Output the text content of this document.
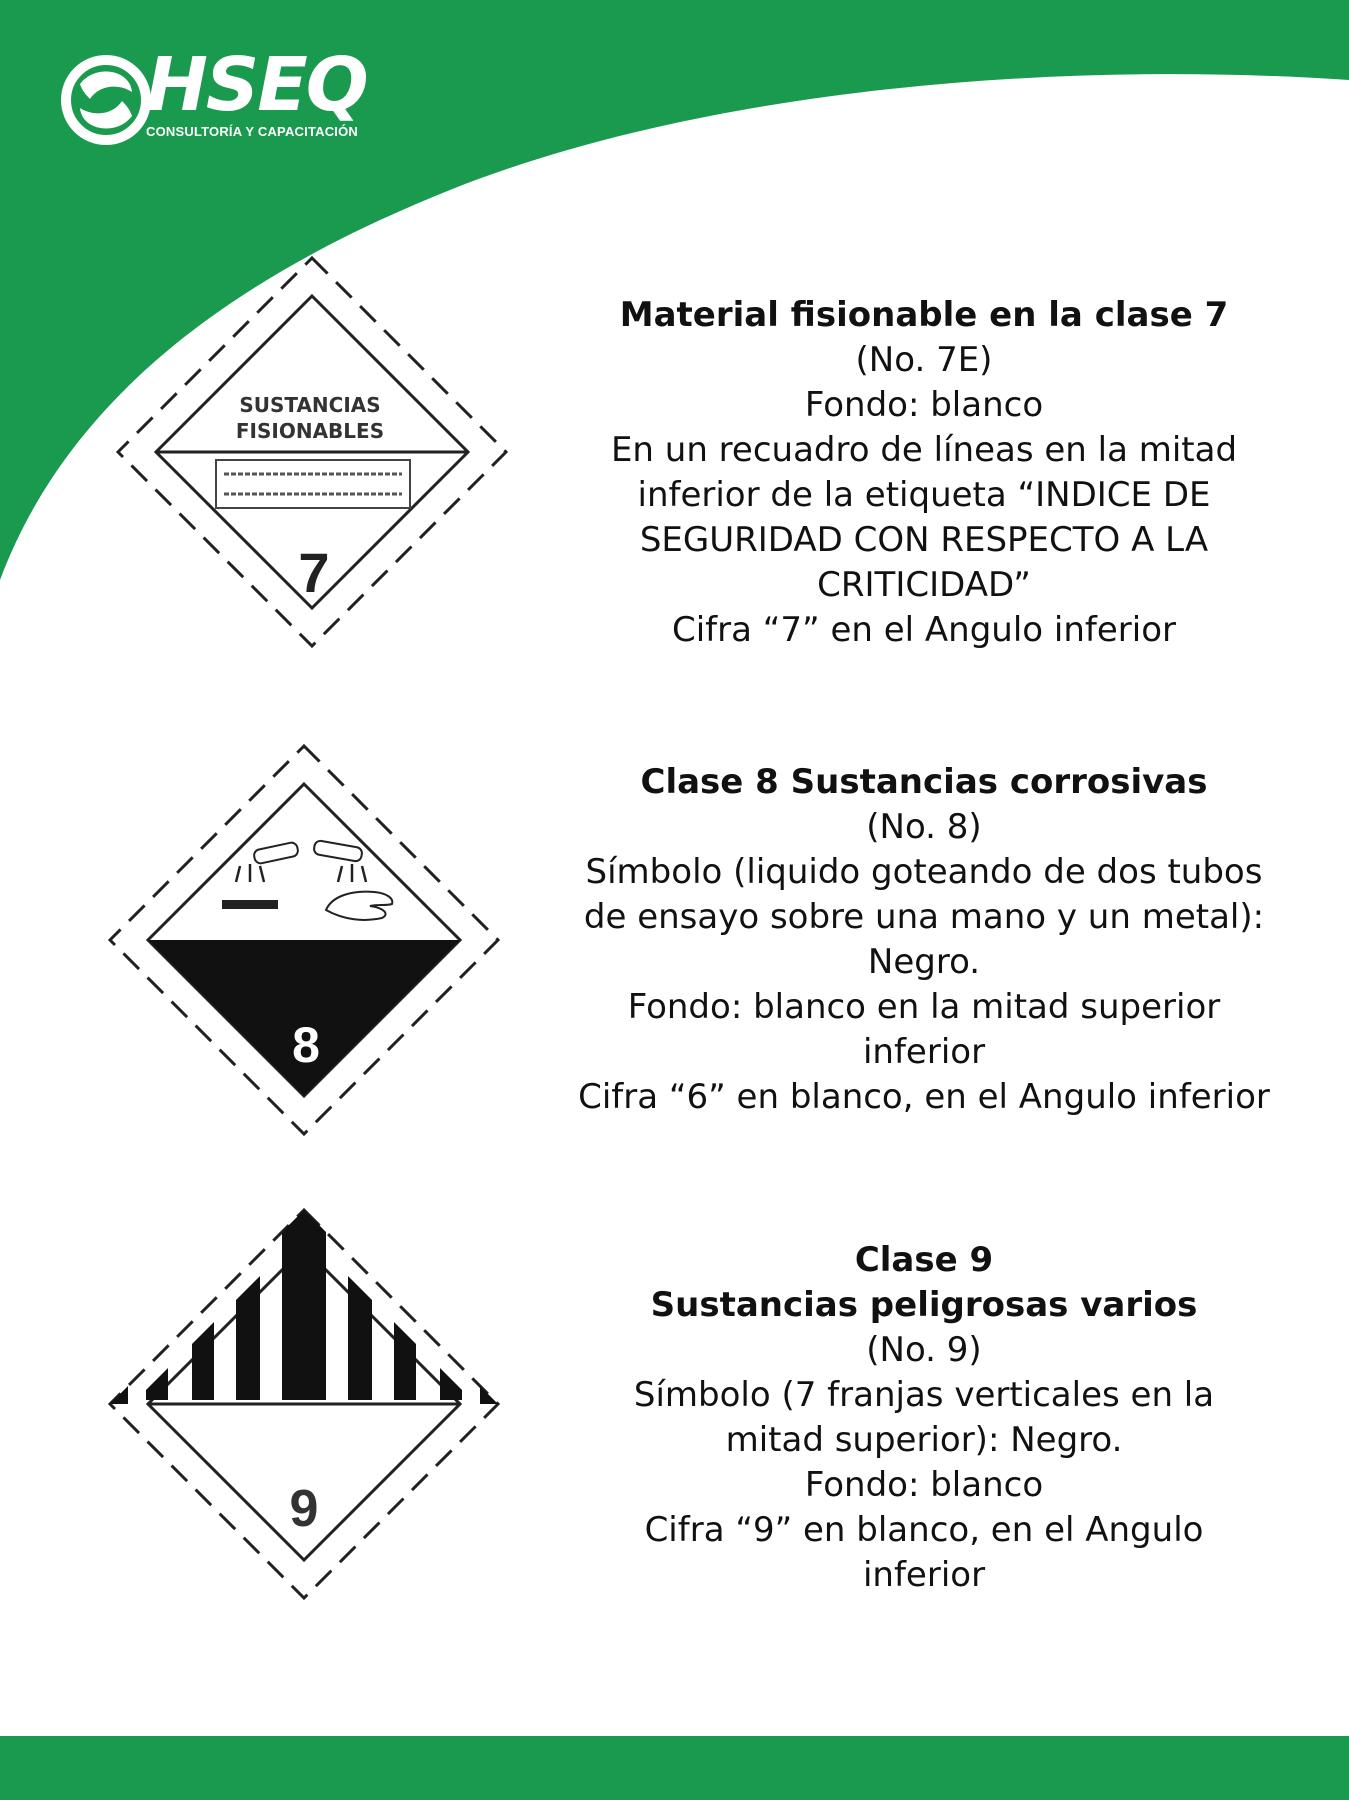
HSEQ
CONSULTORÍA Y CAPACITACIÓN
SUSTANCIAS
FISIONABLES
7
8
9
Material fisionable en la clase 7
(No. 7E)
Fondo: blanco
En un recuadro de líneas en la mitad
inferior de la etiqueta “INDICE DE
SEGURIDAD CON RESPECTO A LA
CRITICIDAD”
Cifra “7” en el Angulo inferior
Clase 8 Sustancias corrosivas
(No. 8)
Símbolo (liquido goteando de dos tubos
de ensayo sobre una mano y un metal):
Negro.
Fondo: blanco en la mitad superior
inferior
Cifra “6” en blanco, en el Angulo inferior
Clase 9
Sustancias peligrosas varios
(No. 9)
Símbolo (7 franjas verticales en la
mitad superior): Negro.
Fondo: blanco
Cifra “9” en blanco, en el Angulo
inferior
